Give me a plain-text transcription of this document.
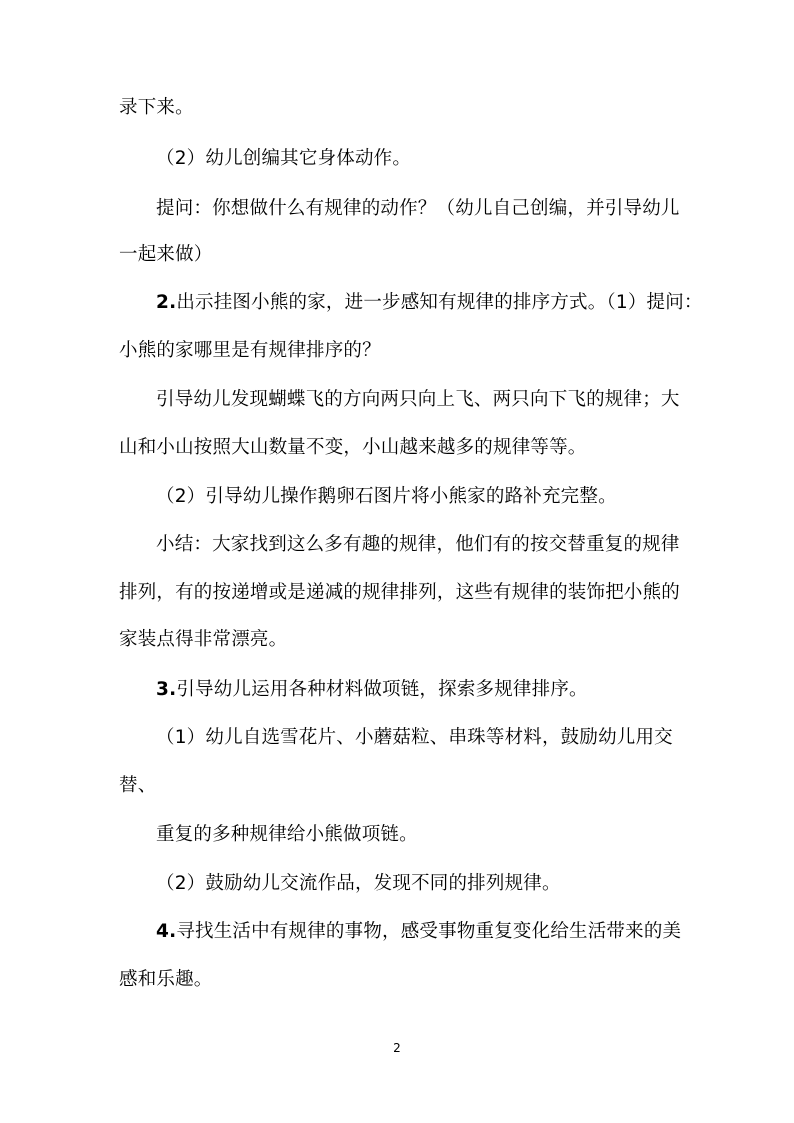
录下来。
（2）幼儿创编其它身体动作。
提问：你想做什么有规律的动作？（幼儿自己创编，并引导幼儿
一起来做）
2.出示挂图小熊的家，进一步感知有规律的排序方式。（1）提问：
小熊的家哪里是有规律排序的？
引导幼儿发现蝴蝶飞的方向两只向上飞、两只向下飞的规律；大
山和小山按照大山数量不变，小山越来越多的规律等等。
（2）引导幼儿操作鹅卵石图片将小熊家的路补充完整。
小结：大家找到这么多有趣的规律，他们有的按交替重复的规律
排列，有的按递增或是递减的规律排列，这些有规律的装饰把小熊的
家装点得非常漂亮。
3.引导幼儿运用各种材料做项链，探索多规律排序。
（1）幼儿自选雪花片、小蘑菇粒、串珠等材料，鼓励幼儿用交
替、
重复的多种规律给小熊做项链。
（2）鼓励幼儿交流作品，发现不同的排列规律。
4.寻找生活中有规律的事物，感受事物重复变化给生活带来的美
感和乐趣。
2
